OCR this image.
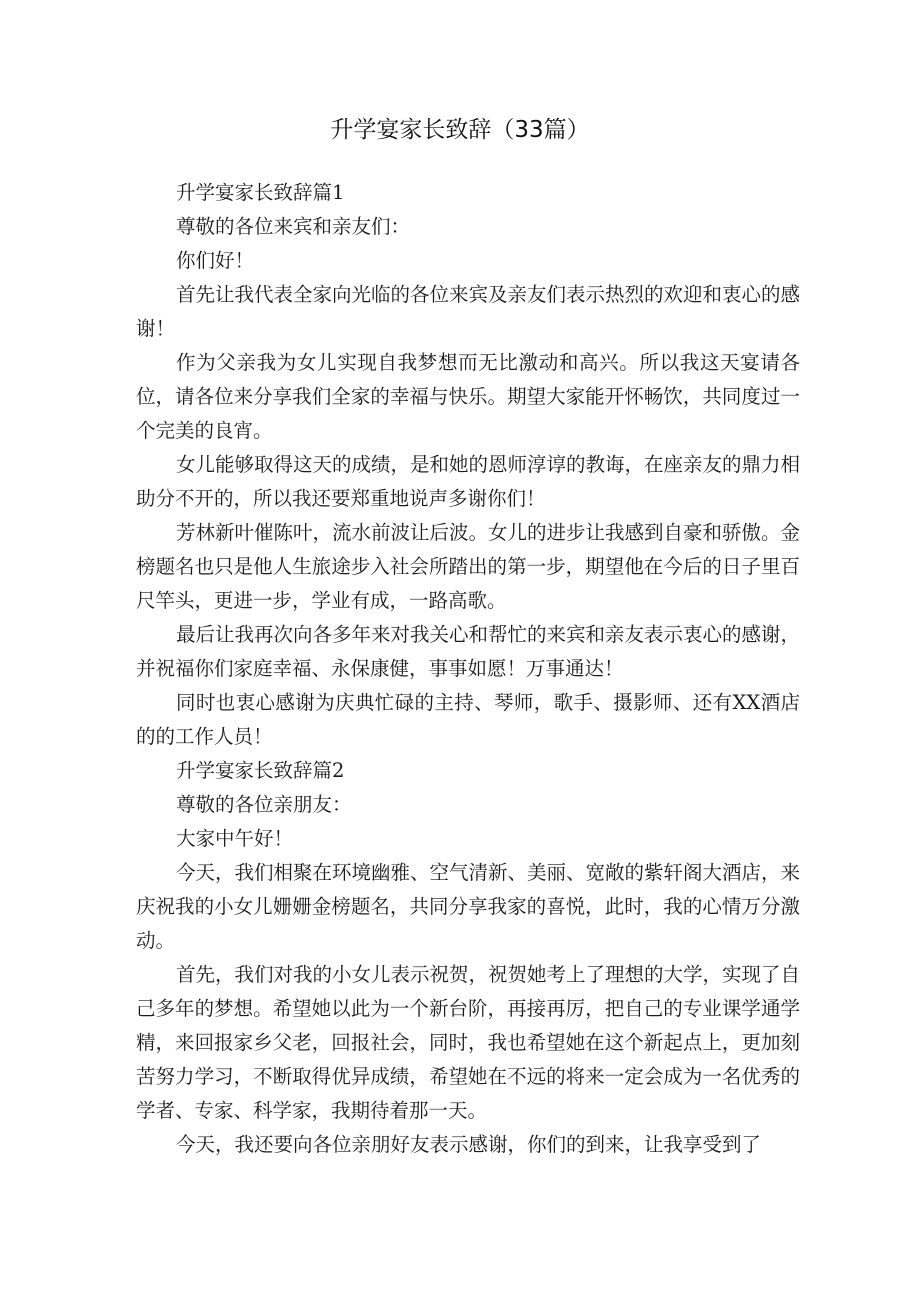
升学宴家长致辞（33篇）

升学宴家长致辞篇1

尊敬的各位来宾和亲友们：

你们好！

首先让我代表全家向光临的各位来宾及亲友们表示热烈的欢迎和衷心的感谢！

作为父亲我为女儿实现自我梦想而无比激动和高兴。所以我这天宴请各位，请各位来分享我们全家的幸福与快乐。期望大家能开怀畅饮，共同度过一个完美的良宵。

女儿能够取得这天的成绩，是和她的恩师淳谆的教诲，在座亲友的鼎力相助分不开的，所以我还要郑重地说声多谢你们！

芳林新叶催陈叶，流水前波让后波。女儿的进步让我感到自豪和骄傲。金榜题名也只是他人生旅途步入社会所踏出的第一步，期望他在今后的日子里百尺竿头，更进一步，学业有成，一路高歌。

最后让我再次向各多年来对我关心和帮忙的来宾和亲友表示衷心的感谢，并祝福你们家庭幸福、永保康健，事事如愿！万事通达！

同时也衷心感谢为庆典忙碌的主持、琴师，歌手、摄影师、还有XX酒店的的工作人员！

升学宴家长致辞篇2

尊敬的各位亲朋友：

大家中午好！

今天，我们相聚在环境幽雅、空气清新、美丽、宽敞的紫轩阁大酒店，来庆祝我的小女儿姗姗金榜题名，共同分享我家的喜悦，此时，我的心情万分激动。

首先，我们对我的小女儿表示祝贺，祝贺她考上了理想的大学，实现了自己多年的梦想。希望她以此为一个新台阶，再接再厉，把自己的专业课学通学精，来回报家乡父老，回报社会，同时，我也希望她在这个新起点上，更加刻苦努力学习，不断取得优异成绩，希望她在不远的将来一定会成为一名优秀的学者、专家、科学家，我期待着那一天。

今天，我还要向各位亲朋好友表示感谢，你们的到来，让我享受到了
